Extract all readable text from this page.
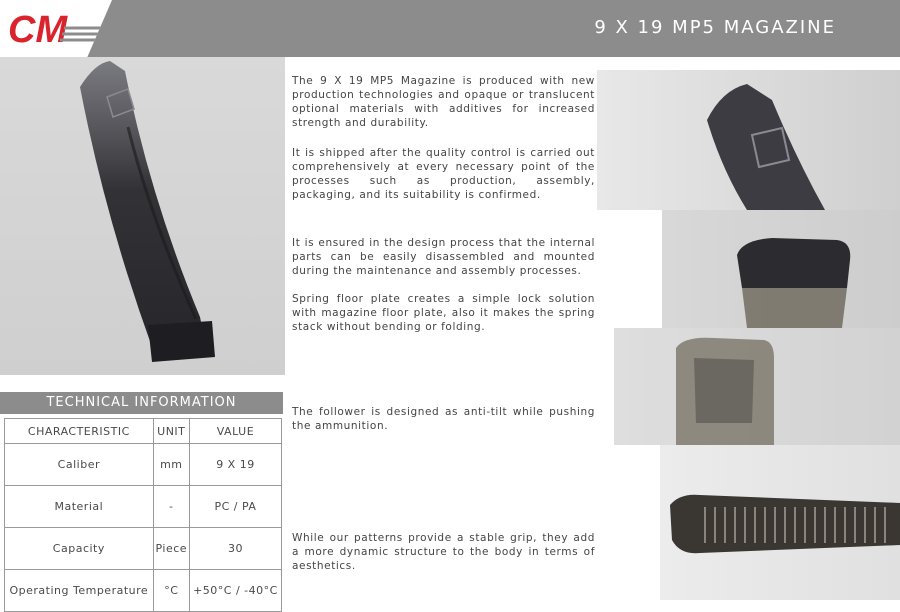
CM	9 X 19 MP5 MAGAZINE
TECHNICAL INFORMATION
CHARACTERISTIC	UNIT	VALUE
Caliber	mm	9 X 19
Material	-	PC / PA
Capacity	Piece	30
Operating Temperature	°C	+50°C / -40°C
The 9 X 19 MP5 Magazine is produced with new production technologies and opaque or translucent optional materials with additives for increased strength and durability.
It is shipped after the quality control is carried out comprehensively at every necessary point of the processes such as production, assembly, packaging, and its suitability is confirmed.
It is ensured in the design process that the internal parts can be easily disassembled and mounted during the maintenance and assembly processes.
Spring floor plate creates a simple lock solution with magazine floor plate, also it makes the spring stack without bending or folding.
The follower is designed as anti-tilt while pushing the ammunition.
While our patterns provide a stable grip, they add a more dynamic structure to the body in terms of aesthetics.
